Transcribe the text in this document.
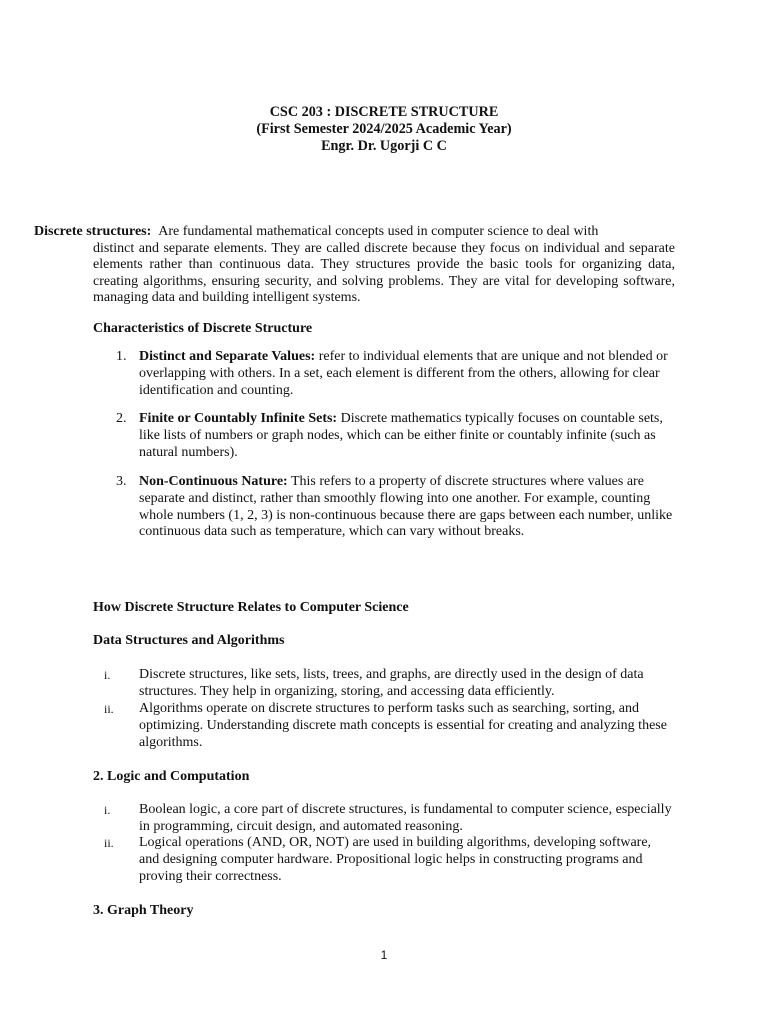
CSC 203 : DISCRETE STRUCTURE
(First Semester 2024/2025 Academic Year)
Engr. Dr. Ugorji C C
Discrete structures: Are fundamental mathematical concepts used in computer science to deal with
distinct and separate elements. They are called discrete because they focus on individual and separate elements rather than continuous data. They structures provide the basic tools for organizing data, creating algorithms, ensuring security, and solving problems. They are vital for developing software, managing data and building intelligent systems.
Characteristics of Discrete Structure
1. Distinct and Separate Values: refer to individual elements that are unique and not blended or overlapping with others. In a set, each element is different from the others, allowing for clear identification and counting.
2. Finite or Countably Infinite Sets: Discrete mathematics typically focuses on countable sets, like lists of numbers or graph nodes, which can be either finite or countably infinite (such as natural numbers).
3. Non-Continuous Nature: This refers to a property of discrete structures where values are separate and distinct, rather than smoothly flowing into one another. For example, counting whole numbers (1, 2, 3) is non-continuous because there are gaps between each number, unlike continuous data such as temperature, which can vary without breaks.
How Discrete Structure Relates to Computer Science
Data Structures and Algorithms
i.	Discrete structures, like sets, lists, trees, and graphs, are directly used in the design of data structures. They help in organizing, storing, and accessing data efficiently.
ii.	Algorithms operate on discrete structures to perform tasks such as searching, sorting, and optimizing. Understanding discrete math concepts is essential for creating and analyzing these algorithms.
2. Logic and Computation
i.	Boolean logic, a core part of discrete structures, is fundamental to computer science, especially in programming, circuit design, and automated reasoning.
ii.	Logical operations (AND, OR, NOT) are used in building algorithms, developing software, and designing computer hardware. Propositional logic helps in constructing programs and proving their correctness.
3. Graph Theory
1
